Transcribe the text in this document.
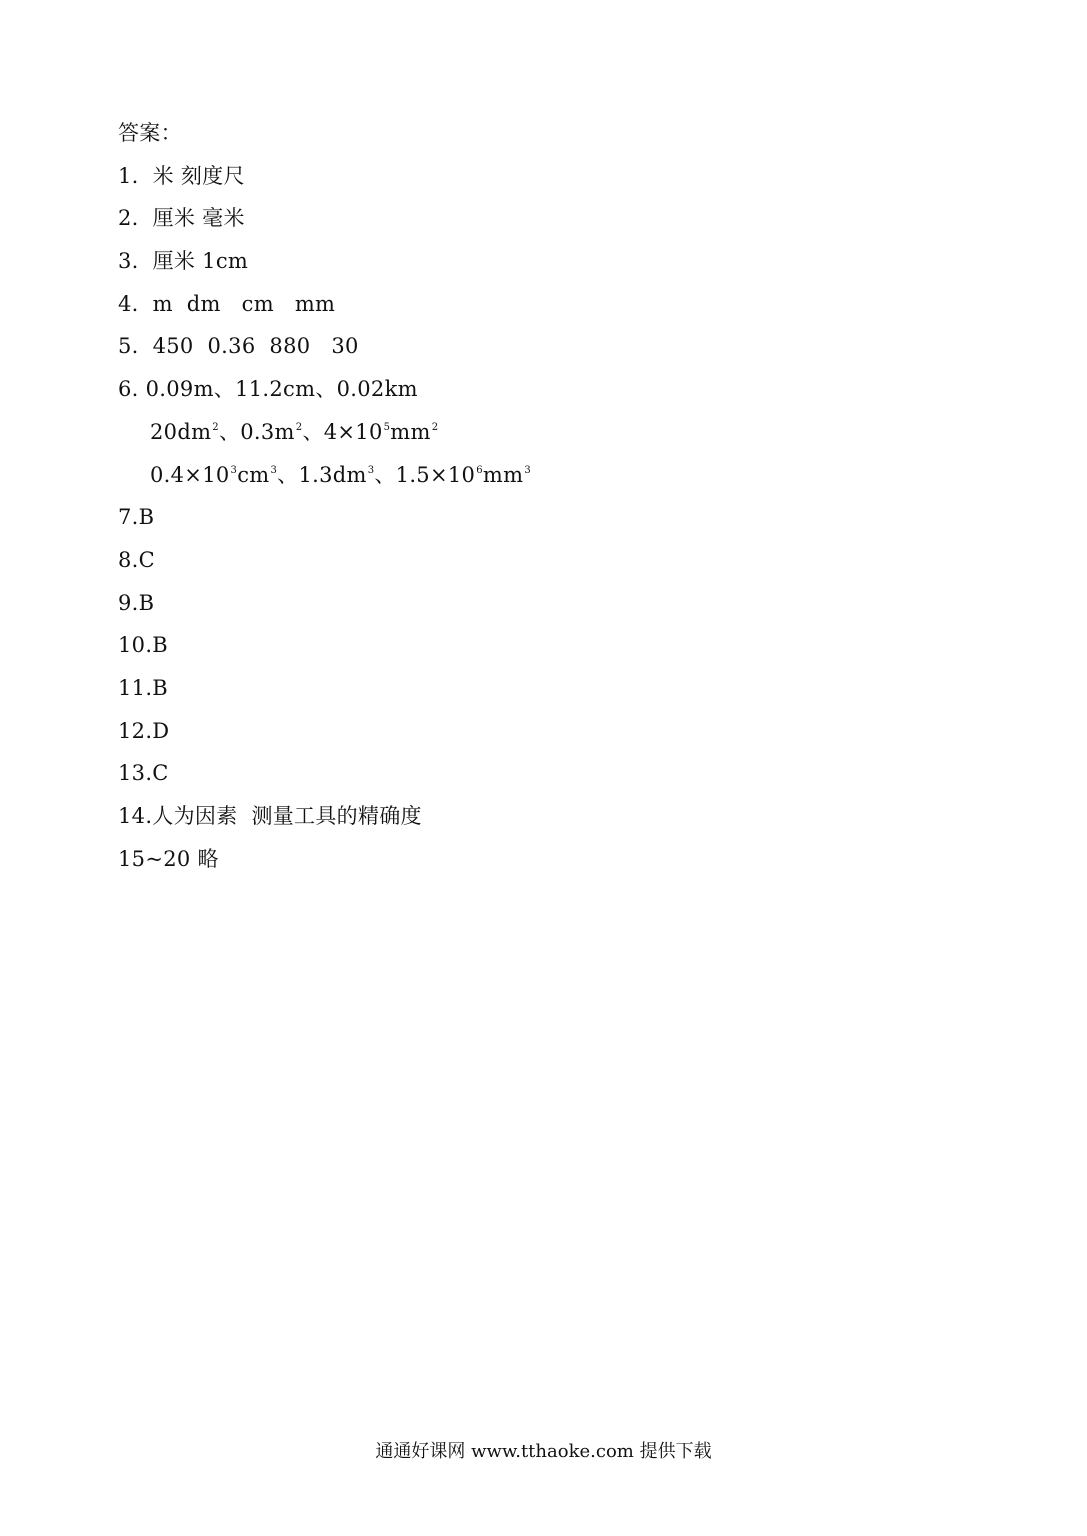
答案：
1.  米 刻度尺
2.  厘米 毫米
3.  厘米 1cm
4.  m  dm   cm   mm
5.  450  0.36  880   30
6. 0.09m、11.2cm、0.02km
$20dm^2$、$0.3m^2$、$4\times 10^5mm^2$
$0.4\times 10^3cm^3$、$1.3dm^3$、$1.5\times 10^6mm^3$
7.B
8.C
9.B
10.B
11.B
12.D
13.C
14.人为因素  测量工具的精确度
15~20 略
通通好课网 www.tthaoke.com 提供下载
